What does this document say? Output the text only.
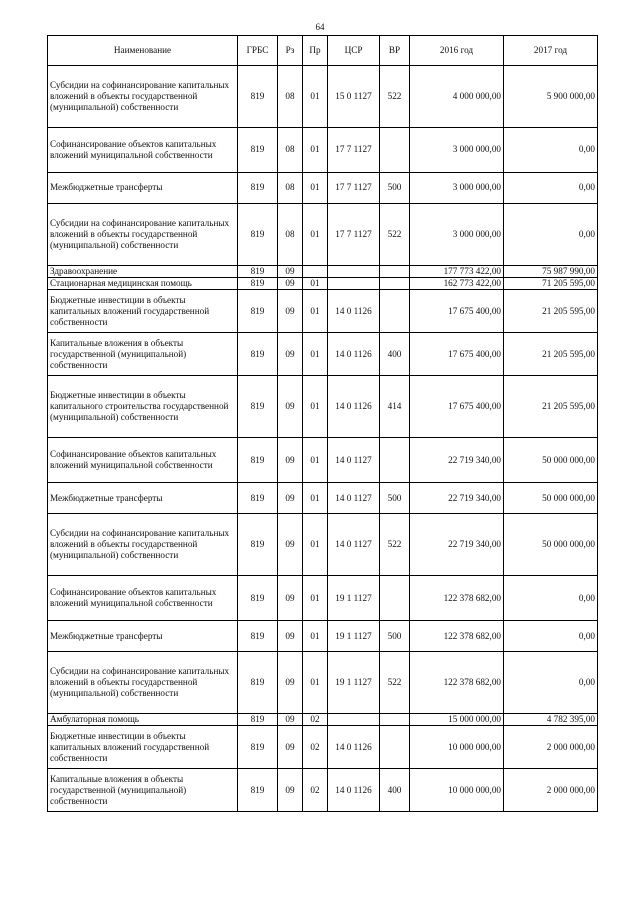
64
Наименование	ГРБС	Рз	Пр	ЦСР	ВР	2016 год	2017 год
Субсидии на софинансирование капитальных вложений в объекты государственной (муниципальной) собственности	819	08	01	15 0 1127	522	4 000 000,00	5 900 000,00
Софинансирование объектов капитальных вложений муниципальной собственности	819	08	01	17 7 1127		3 000 000,00	0,00
Межбюджетные трансферты	819	08	01	17 7 1127	500	3 000 000,00	0,00
Субсидии на софинансирование капитальных вложений в объекты государственной (муниципальной) собственности	819	08	01	17 7 1127	522	3 000 000,00	0,00
Здравоохранение	819	09				177 773 422,00	75 987 990,00
Стационарная медицинская помощь	819	09	01			162 773 422,00	71 205 595,00
Бюджетные инвестиции в объекты капитальных вложений государственной собственности	819	09	01	14 0 1126		17 675 400,00	21 205 595,00
Капитальные вложения в объекты государственной (муниципальной) собственности	819	09	01	14 0 1126	400	17 675 400,00	21 205 595,00
Бюджетные инвестиции в объекты капитального строительства государственной (муниципальной) собственности	819	09	01	14 0 1126	414	17 675 400,00	21 205 595,00
Софинансирование объектов капитальных вложений муниципальной собственности	819	09	01	14 0 1127		22 719 340,00	50 000 000,00
Межбюджетные трансферты	819	09	01	14 0 1127	500	22 719 340,00	50 000 000,00
Субсидии на софинансирование капитальных вложений в объекты государственной (муниципальной) собственности	819	09	01	14 0 1127	522	22 719 340,00	50 000 000,00
Софинансирование объектов капитальных вложений муниципальной собственности	819	09	01	19 1 1127		122 378 682,00	0,00
Межбюджетные трансферты	819	09	01	19 1 1127	500	122 378 682,00	0,00
Субсидии на софинансирование капитальных вложений в объекты государственной (муниципальной) собственности	819	09	01	19 1 1127	522	122 378 682,00	0,00
Амбулаторная помощь	819	09	02			15 000 000,00	4 782 395,00
Бюджетные инвестиции в объекты капитальных вложений государственной собственности	819	09	02	14 0 1126		10 000 000,00	2 000 000,00
Капитальные вложения в объекты государственной (муниципальной) собственности	819	09	02	14 0 1126	400	10 000 000,00	2 000 000,00
